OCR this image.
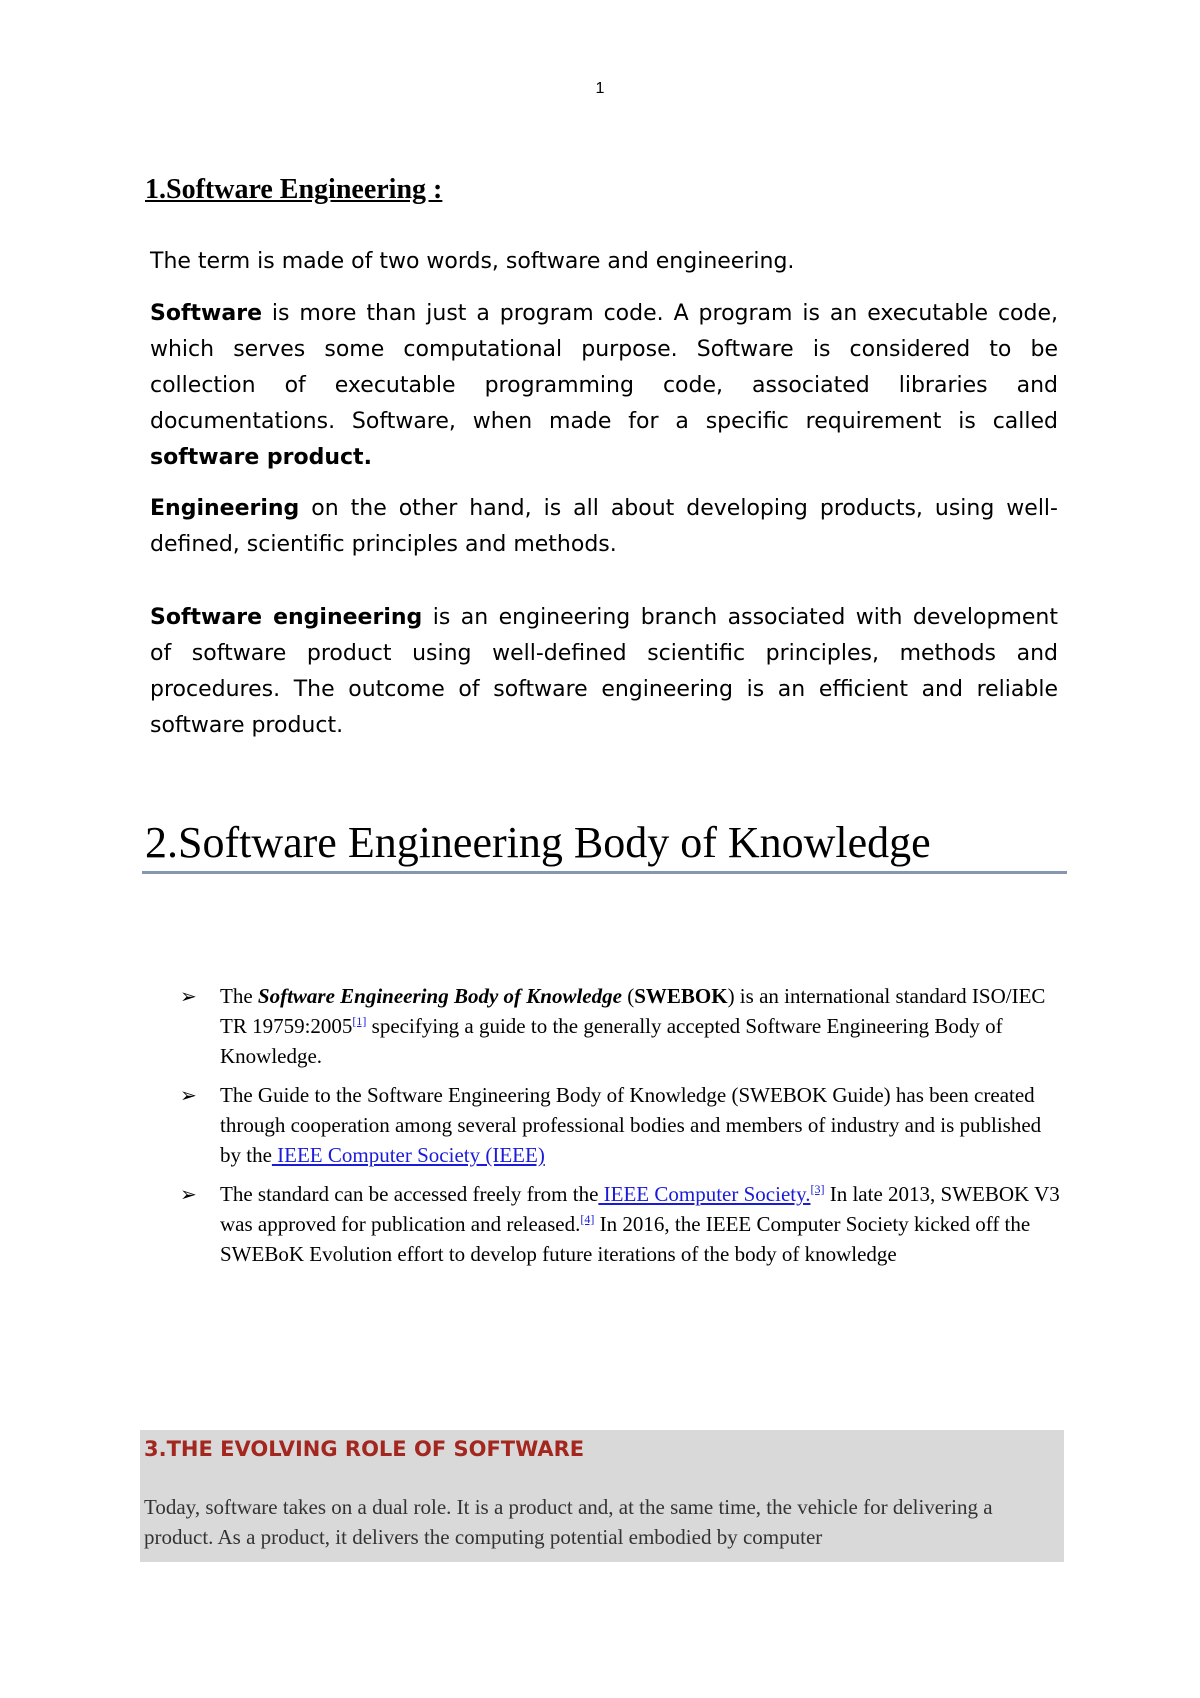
1
1.Software Engineering :

The term is made of two words, software and engineering.

Software is more than just a program code. A program is an executable code, which serves some computational purpose. Software is considered to be collection of executable programming code, associated libraries and documentations. Software, when made for a specific requirement is called software product.

Engineering on the other hand, is all about developing products, using well-defined, scientific principles and methods.

Software engineering is an engineering branch associated with development of software product using well-defined scientific principles, methods and procedures. The outcome of software engineering is an efficient and reliable software product.

2.Software Engineering Body of Knowledge
➢ The Software Engineering Body of Knowledge (SWEBOK) is an international standard ISO/IEC TR 19759:2005[1] specifying a guide to the generally accepted Software Engineering Body of Knowledge.
➢ The Guide to the Software Engineering Body of Knowledge (SWEBOK Guide) has been created through cooperation among several professional bodies and members of industry and is published by the IEEE Computer Society (IEEE)
➢ The standard can be accessed freely from the IEEE Computer Society.[3] In late 2013, SWEBOK V3 was approved for publication and released.[4] In 2016, the IEEE Computer Society kicked off the SWEBoK Evolution effort to develop future iterations of the body of knowledge
3.THE EVOLVING ROLE OF SOFTWARE

Today, software takes on a dual role. It is a product and, at the same time, the vehicle for delivering a product. As a product, it delivers the computing potential embodied by computer
